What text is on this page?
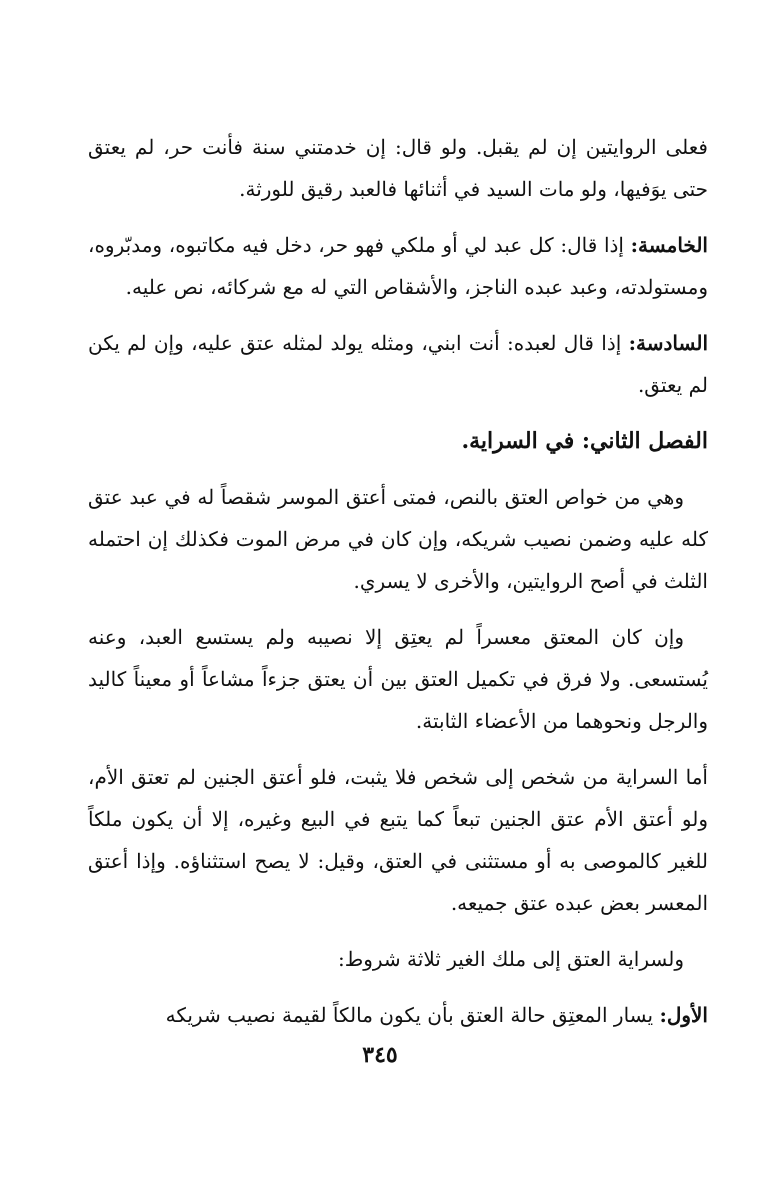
فعلى الروايتين إن لم يقبل. ولو قال: إن خدمتني سنة فأنت حر، لم يعتق حتى يوَفيها، ولو مات السيد في أثنائها فالعبد رقيق للورثة.

الخامسة: إذا قال: كل عبد لي أو ملكي فهو حر، دخل فيه مكاتبوه، ومدبّروه، ومستولدته، وعبد عبده الناجز، والأشقاص التي له مع شركائه، نص عليه.

السادسة: إذا قال لعبده: أنت ابني، ومثله يولد لمثله عتق عليه، وإن لم يكن لم يعتق.

الفصل الثاني: في السراية.

وهي من خواص العتق بالنص، فمتى أعتق الموسر شقصاً له في عبد عتق كله عليه وضمن نصيب شريكه، وإن كان في مرض الموت فكذلك إن احتمله الثلث في أصح الروايتين، والأخرى لا يسري.

وإن كان المعتق معسراً لم يعتِق إلا نصيبه ولم يستسع العبد، وعنه يُستسعى. ولا فرق في تكميل العتق بين أن يعتق جزءاً مشاعاً أو معيناً كاليد والرجل ونحوهما من الأعضاء الثابتة.

أما السراية من شخص إلى شخص فلا يثبت، فلو أعتق الجنين لم تعتق الأم، ولو أعتق الأم عتق الجنين تبعاً كما يتبع في البيع وغيره، إلا أن يكون ملكاً للغير كالموصى به أو مستثنى في العتق، وقيل: لا يصح استثناؤه. وإذا أعتق المعسر بعض عبده عتق جميعه.

ولسراية العتق إلى ملك الغير ثلاثة شروط:

الأول: يسار المعتِق حالة العتق بأن يكون مالكاً لقيمة نصيب شريكه

٣٤٥
